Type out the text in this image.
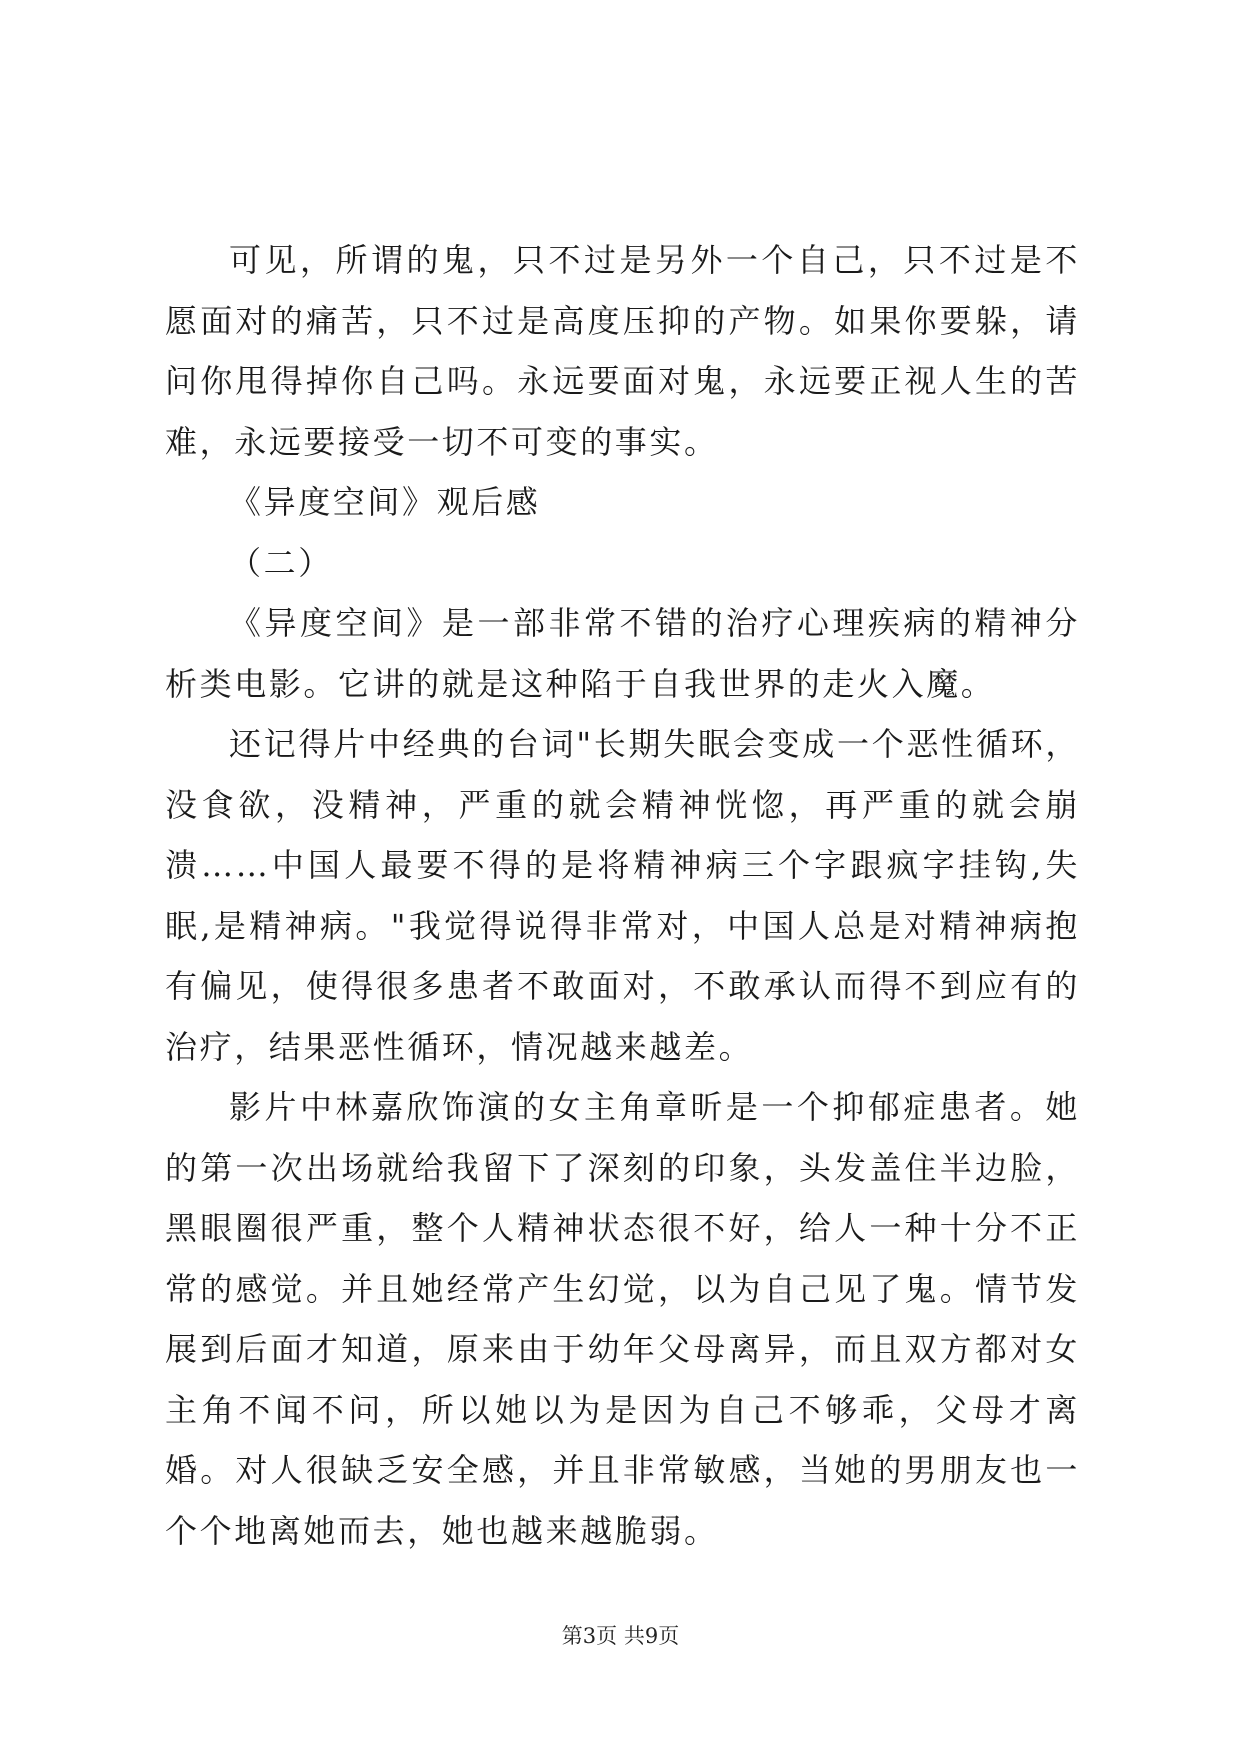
可见，所谓的鬼，只不过是另外一个自己，只不过是不愿面对的痛苦，只不过是高度压抑的产物。如果你要躲，请问你甩得掉你自己吗。永远要面对鬼，永远要正视人生的苦难，永远要接受一切不可变的事实。

《异度空间》观后感

（二）

《异度空间》是一部非常不错的治疗心理疾病的精神分析类电影。它讲的就是这种陷于自我世界的走火入魔。

还记得片中经典的台词"长期失眠会变成一个恶性循环，没食欲，没精神，严重的就会精神恍惚，再严重的就会崩溃……中国人最要不得的是将精神病三个字跟疯字挂钩,失眠,是精神病。"我觉得说得非常对，中国人总是对精神病抱有偏见，使得很多患者不敢面对，不敢承认而得不到应有的治疗，结果恶性循环，情况越来越差。

影片中林嘉欣饰演的女主角章昕是一个抑郁症患者。她的第一次出场就给我留下了深刻的印象，头发盖住半边脸，黑眼圈很严重，整个人精神状态很不好，给人一种十分不正常的感觉。并且她经常产生幻觉，以为自己见了鬼。情节发展到后面才知道，原来由于幼年父母离异，而且双方都对女主角不闻不问，所以她以为是因为自己不够乖，父母才离婚。对人很缺乏安全感，并且非常敏感，当她的男朋友也一个个地离她而去，她也越来越脆弱。

第3页 共9页
